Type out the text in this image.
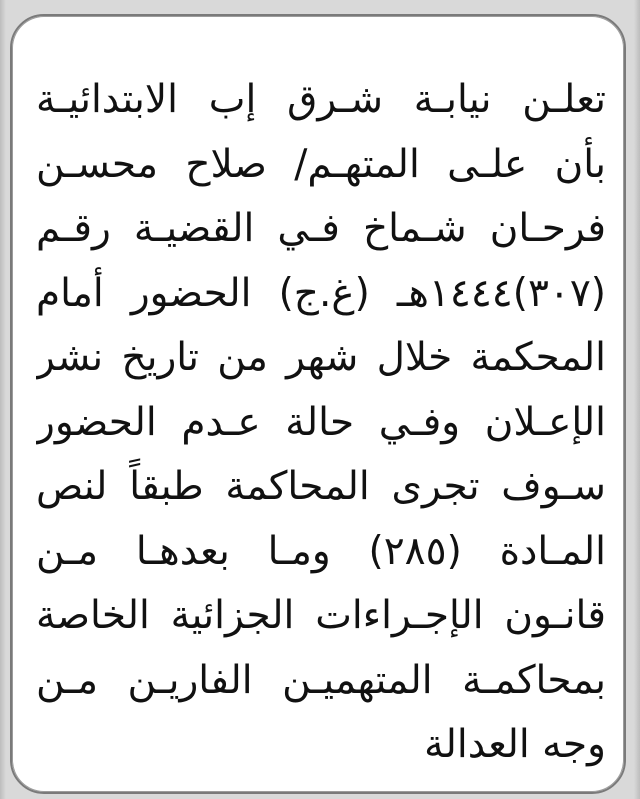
تعلـن نيابـة شـرق إب الابتدائيـة
بأن علـى المتهـم/ صلاح محسـن
فرحـان شـماخ فـي القضيـة رقـم
(٣٠٧)١٤٤٤هـ (غ.ج) الحضور أمام
المحكمة خلال شهر من تاريخ نشر
الإعـلان وفـي حالة عـدم الحضور
سـوف تجرى المحاكمة طبقاً لنص
المـادة (٢٨٥) ومـا بعدهـا مـن
قانـون الإجـراءات الجزائية الخاصة
بمحاكمـة المتهميـن الفاريـن مـن
وجه العدالة
